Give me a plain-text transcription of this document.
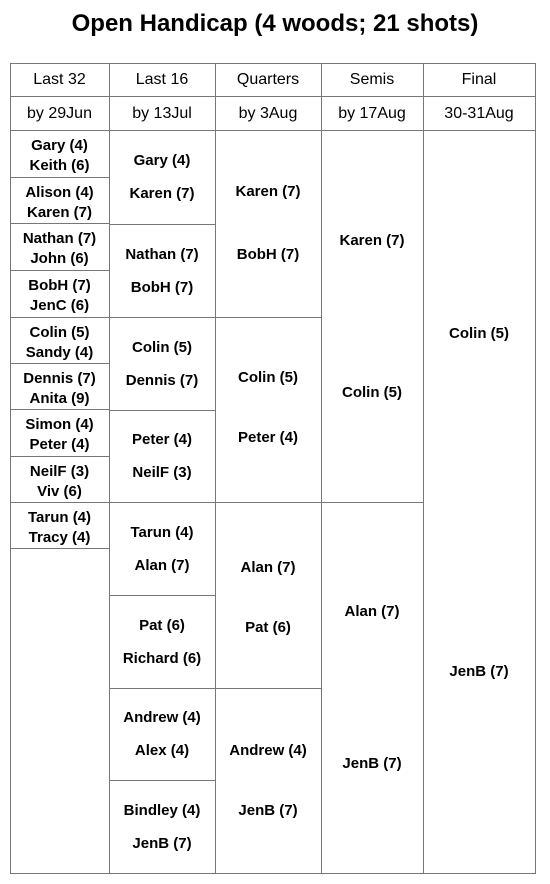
Open Handicap (4 woods; 21 shots)
Last 32
by 29Jun
Last 16
by 13Jul
Quarters
by 3Aug
Semis
by 17Aug
Final
30-31Aug
Gary (4)
Keith (6)
Alison (4)
Karen (7)
Nathan (7)
John (6)
BobH (7)
JenC (6)
Colin (5)
Sandy (4)
Dennis (7)
Anita (9)
Simon (4)
Peter (4)
NeilF (3)
Viv (6)
Tarun (4)
Tracy (4)
Gary (4)
Karen (7)
Nathan (7)
BobH (7)
Colin (5)
Dennis (7)
Peter (4)
NeilF (3)
Tarun (4)
Alan (7)
Pat (6)
Richard (6)
Andrew (4)
Alex (4)
Bindley (4)
JenB (7)
Karen (7)
BobH (7)
Colin (5)
Peter (4)
Alan (7)
Pat (6)
Andrew (4)
JenB (7)
Karen (7)
Colin (5)
Alan (7)
JenB (7)
Colin (5)
JenB (7)
